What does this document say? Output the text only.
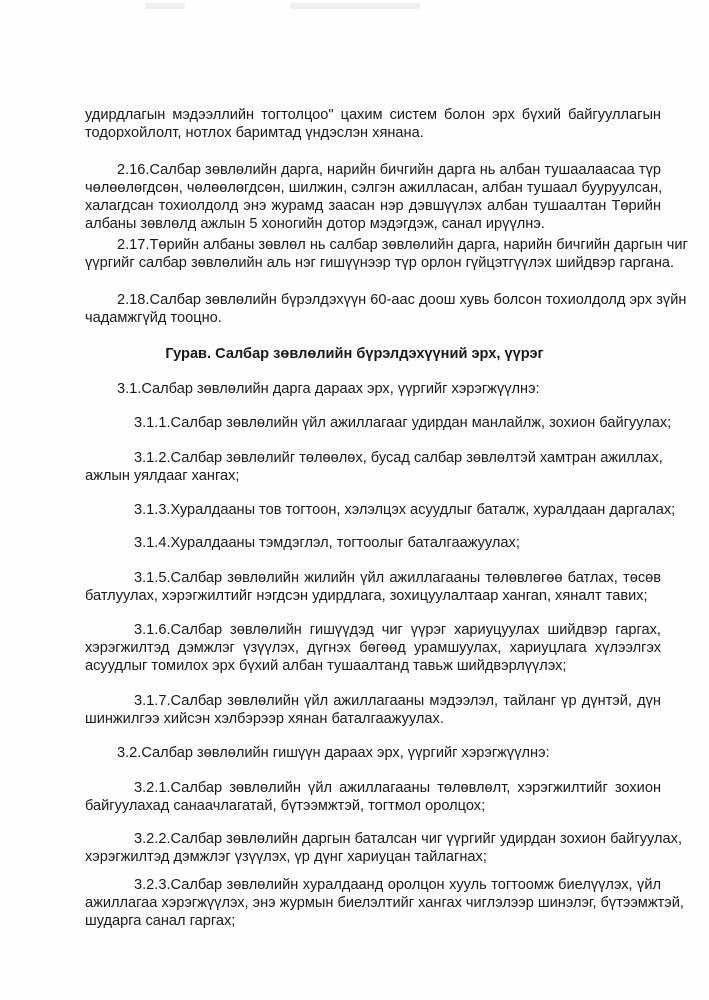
удирдлагын мэдээллийн тогтолцоо" цахим систем болон эрх бүхий байгууллагын
тодорхойлолт, нотлох баримтад үндэслэн хянана.
2.16.Салбар зөвлөлийн дарга, нарийн бичгийн дарга нь албан тушаалаасаа түр
чөлөөлөгдсөн, чөлөөлөгдсөн, шилжин, сэлгэн ажилласан, албан тушаал бууруулсан,
халагдсан тохиолдолд энэ журамд заасан нэр дэвшүүлэх албан тушаалтан Төрийн
албаны зөвлөлд ажлын 5 хоногийн дотор мэдэгдэж, санал ирүүлнэ.
2.17.Төрийн албаны зөвлөл нь салбар зөвлөлийн дарга, нарийн бичгийн даргын чиг
үүргийг салбар зөвлөлийн аль нэг гишүүнээр түр орлон гүйцэтгүүлэх шийдвэр гаргана.
2.18.Салбар зөвлөлийн бүрэлдэхүүн 60-аас доош хувь болсон тохиолдолд эрх зүйн
чадамжгүйд тооцно.
Гурав. Салбар зөвлөлийн бүрэлдэхүүний эрх, үүрэг
3.1.Салбар зөвлөлийн дарга дараах эрх, үүргийг хэрэгжүүлнэ:
3.1.1.Салбар зөвлөлийн үйл ажиллагааг удирдан манлайлж, зохион байгуулах;
3.1.2.Салбар зөвлөлийг төлөөлөх, бусад салбар зөвлөлтэй хамтран ажиллах,
ажлын уялдааг хангах;
3.1.3.Хуралдааны тов тогтоон, хэлэлцэх асуудлыг баталж, хуралдаан даргалах;
3.1.4.Хуралдааны тэмдэглэл, тогтоолыг баталгаажуулах;
3.1.5.Салбар зөвлөлийн жилийн үйл ажиллагааны төлөвлөгөө батлах, төсөв
батлуулах, хэрэгжилтийг нэгдсэн удирдлага, зохицуулалтаар хангаn, хяналт тавих;
3.1.6.Салбар зөвлөлийн гишүүдэд чиг үүрэг хариуцуулах шийдвэр гаргах,
хэрэгжилтэд дэмжлэг үзүүлэх, дүгнэх бөгөөд урамшуулах, хариуцлага хүлээлгэх
асуудлыг томилох эрх бүхий албан тушаалтанд тавьж шийдвэрлүүлэх;
3.1.7.Салбар зөвлөлийн үйл ажиллагааны мэдээлэл, тайланг үр дүнтэй, дүн
шинжилгээ хийсэн хэлбэрээр хянан баталгаажуулах.
3.2.Салбар зөвлөлийн гишүүн дараах эрх, үүргийг хэрэгжүүлнэ:
3.2.1.Салбар зөвлөлийн үйл ажиллагааны төлөвлөлт, хэрэгжилтийг зохион
байгуулахад санаачлагатай, бүтээмжтэй, тогтмол оролцох;
3.2.2.Салбар зөвлөлийн даргын баталсан чиг үүргийг удирдан зохион байгуулах,
хэрэгжилтэд дэмжлэг үзүүлэх, үр дүнг хариуцан тайлагнах;
3.2.3.Салбар зөвлөлийн хуралдаанд оролцон хууль тогтоомж биелүүлэх, үйл
ажиллагаа хэрэгжүүлэх, энэ журмын биелэлтийг хангах чиглэлээр шинэлэг, бүтээмжтэй,
шударга санал гаргах;
